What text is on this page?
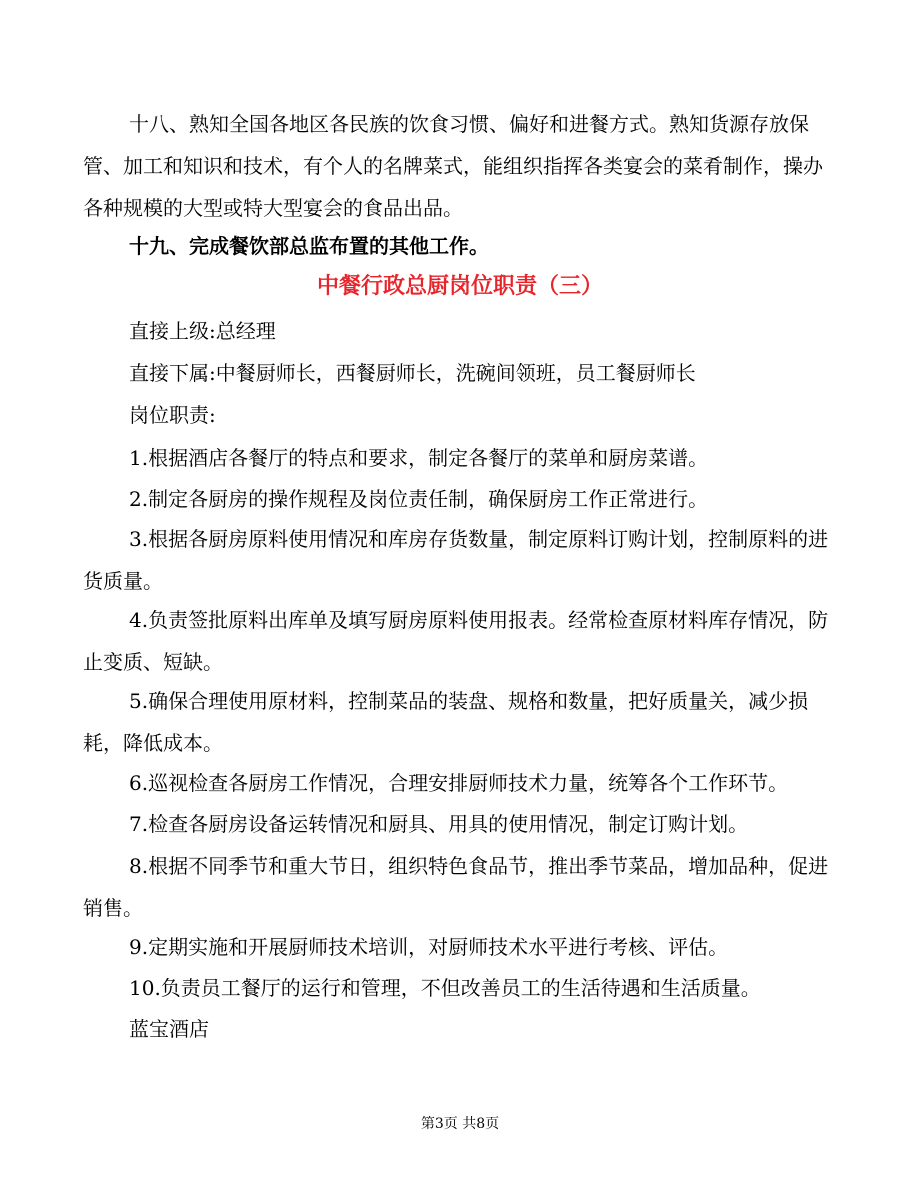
十八、熟知全国各地区各民族的饮食习惯、偏好和进餐方式。熟知货源存放保管、加工和知识和技术，有个人的名牌菜式，能组织指挥各类宴会的菜肴制作，操办各种规模的大型或特大型宴会的食品出品。

十九、完成餐饮部总监布置的其他工作。

中餐行政总厨岗位职责（三）

直接上级:总经理

直接下属:中餐厨师长，西餐厨师长，洗碗间领班，员工餐厨师长

岗位职责:

1.根据酒店各餐厅的特点和要求，制定各餐厅的菜单和厨房菜谱。

2.制定各厨房的操作规程及岗位责任制，确保厨房工作正常进行。

3.根据各厨房原料使用情况和库房存货数量，制定原料订购计划，控制原料的进货质量。

4.负责签批原料出库单及填写厨房原料使用报表。经常检查原材料库存情况，防止变质、短缺。

5.确保合理使用原材料，控制菜品的装盘、规格和数量，把好质量关，减少损耗，降低成本。

6.巡视检查各厨房工作情况，合理安排厨师技术力量，统筹各个工作环节。

7.检查各厨房设备运转情况和厨具、用具的使用情况，制定订购计划。

8.根据不同季节和重大节日，组织特色食品节，推出季节菜品，增加品种，促进销售。

9.定期实施和开展厨师技术培训，对厨师技术水平进行考核、评估。

10.负责员工餐厅的运行和管理，不但改善员工的生活待遇和生活质量。

蓝宝酒店

第3页 共8页
